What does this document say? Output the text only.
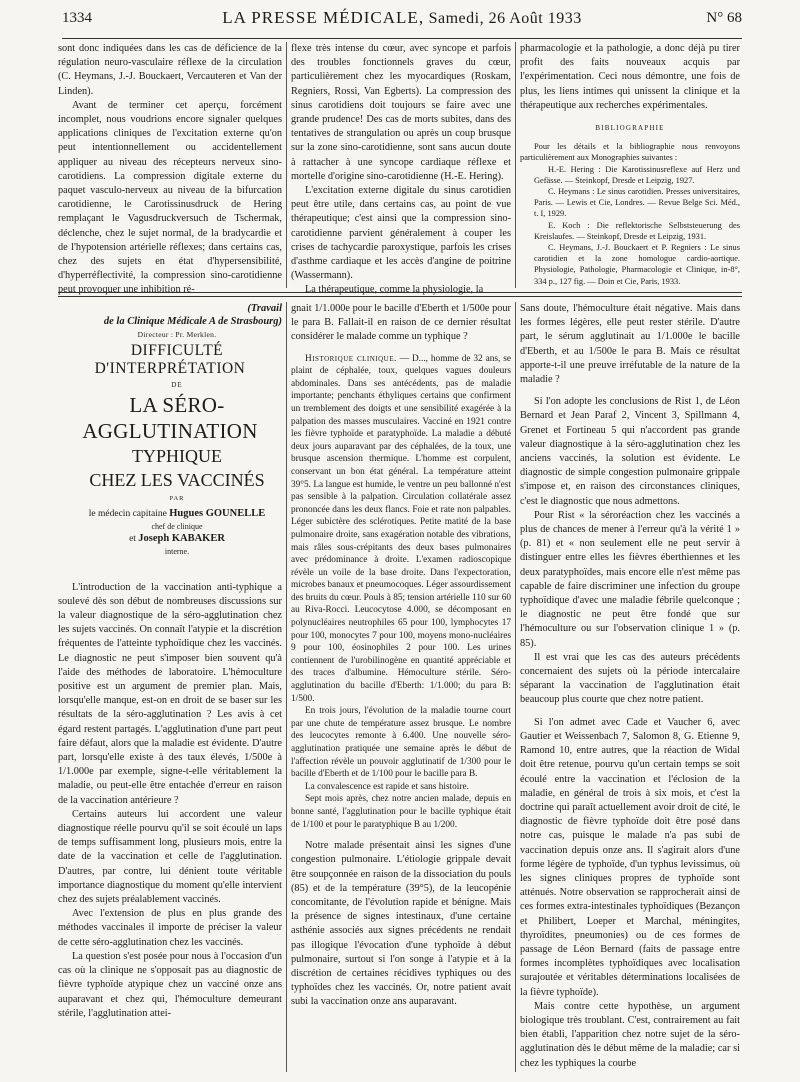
1334	LA PRESSE MÉDICALE, Samedi, 26 Août 1933	N° 68

sont donc indiquées dans les cas de déficience de la régulation neuro-vasculaire réflexe de la circulation (C. Heymans, J.-J. Bouckaert, Vercauteren et Van der Linden).

Avant de terminer cet aperçu, forcément incomplet, nous voudrions encore signaler quelques applications cliniques de l'excitation externe qu'on peut intentionnellement ou accidentellement appliquer au niveau des récepteurs nerveux sino-carotidiens. La compression digitale externe du paquet vasculo-nerveux au niveau de la bifurcation carotidienne, le Carotissinusdruck de Hering remplaçant le Vagusdruckversuch de Tschermak, déclenche, chez le sujet normal, de la bradycardie et de l'hypotension artérielle réflexes; dans certains cas, chez des sujets en état d'hypersensibilité, d'hyperréflectivité, la compression sino-carotidienne peut provoquer une inhibition ré-

flexe très intense du cœur, avec syncope et parfois des troubles fonctionnels graves du cœur, particulièrement chez les myocardiques (Roskam, Regniers, Rossi, Van Egberts). La compression des sinus carotidiens doit toujours se faire avec une grande prudence! Des cas de morts subites, dans des tentatives de strangulation ou après un coup brusque sur la zone sino-carotidienne, sont sans aucun doute à rattacher à une syncope cardiaque réflexe et mortelle d'origine sino-carotidienne (H.-E. Hering).

L'excitation externe digitale du sinus carotidien peut être utile, dans certains cas, au point de vue thérapeutique; c'est ainsi que la compression sino-carotidienne parvient généralement à couper les crises de tachycardie paroxystique, parfois les crises d'asthme cardiaque et les accès d'angine de poitrine (Wassermann).

La thérapeutique, comme la physiologie, la

pharmacologie et la pathologie, a donc déjà pu tirer profit des faits nouveaux acquis par l'expérimentation. Ceci nous démontre, une fois de plus, les liens intimes qui unissent la clinique et la thérapeutique aux recherches expérimentales.

BIBLIOGRAPHIE

Pour les détails et la bibliographie nous renvoyons particulièrement aux Monographies suivantes :

H.-E. Hering : Die Karotissinusreflexe auf Herz und Gefässe. — Steinkopf, Dresde et Leipzig, 1927.

C. Heymans : Le sinus carotidien. Presses universitaires, Paris. — Lewis et Cie, Londres. — Revue Belge Sci. Méd., t. I, 1929.

E. Koch : Die reflektorische Selbststeuerung des Kreislaufes. — Steinkopf, Dresde et Leipzig, 1931.

C. Heymans, J.-J. Bouckaert et P. Regniers : Le sinus carotidien et la zone homologue cardio-aortique. Physiologie, Pathologie, Pharmacologie et Clinique, in-8°, 334 p., 127 fig. — Doin et Cie, Paris, 1933.

(Travail

de la Clinique Médicale A de Strasbourg)

Directeur : Pr. Merklen.

DIFFICULTÉ D'INTERPRÉTATION

DE

LA SÉRO-AGGLUTINATION

TYPHIQUE

CHEZ LES VACCINÉS

PAR

le médecin capitaine Hugues GOUNELLE

chef de clinique

et Joseph KABAKER

interne.

L'introduction de la vaccination anti-typhique a soulevé dès son début de nombreuses discussions sur la valeur diagnostique de la séro-agglutination chez les sujets vaccinés. On connaît l'atypie et la discrétion fréquentes de l'atteinte typhoïdique chez les vaccinés. Le diagnostic ne peut s'imposer bien souvent qu'à l'aide des méthodes de laboratoire. L'hémoculture positive est un argument de premier plan. Mais, lorsqu'elle manque, est-on en droit de se baser sur les résultats de la séro-agglutination ? Les avis à cet égard restent partagés. L'agglutination d'une part peut faire défaut, alors que la maladie est évidente. D'autre part, lorsqu'elle existe à des taux élevés, 1/500e à 1/1.000e par exemple, signe-t-elle véritablement la maladie, ou peut-elle être entachée d'erreur en raison de la vaccination antérieure ?

Certains auteurs lui accordent une valeur diagnostique réelle pourvu qu'il se soit écoulé un laps de temps suffisamment long, plusieurs mois, entre la date de la vaccination et celle de l'agglutination. D'autres, par contre, lui dénient toute véritable importance diagnostique du moment qu'elle intervient chez des sujets préalablement vaccinés.

Avec l'extension de plus en plus grande des méthodes vaccinales il importe de préciser la valeur de cette séro-agglutination chez les vaccinés.

La question s'est posée pour nous à l'occasion d'un cas où la clinique ne s'opposait pas au diagnostic de fièvre typhoïde atypique chez un vacciné onze ans auparavant et chez qui, l'hémoculture demeurant stérile, l'agglutination attei-

gnait 1/1.000e pour le bacille d'Eberth et 1/500e pour le para B. Fallait-il en raison de ce dernier résultat considérer le malade comme un typhique ?

Historique clinique. — D..., homme de 32 ans, se plaint de céphalée, toux, quelques vagues douleurs abdominales. Dans ses antécédents, pas de maladie importante; penchants éthyliques certains que confirment un tremblement des doigts et une sensibilité exagérée à la palpation des masses musculaires. Vacciné en 1921 contre les fièvre typhoïde et paratyphoïde. La maladie a débuté deux jours auparavant par des céphalées, de la toux, une brusque ascension thermique. L'homme est corpulent, conservant un bon état général. La température atteint 39°5. La langue est humide, le ventre un peu ballonné n'est pas sensible à la palpation. Circulation collatérale assez prononcée dans les deux flancs. Foie et rate non palpables. Léger subictère des sclérotiques. Petite matité de la base pulmonaire droite, sans exagération notable des vibrations, mais râles sous-crépitants des deux bases pulmonaires avec prédominance à droite. L'examen radioscopique révèle un voile de la base droite. Dans l'expectoration, microbes banaux et pneumocoques. Léger assourdissement des bruits du cœur. Pouls à 85; tension artérielle 110 sur 60 au Riva-Rocci. Leucocytose 4.000, se décomposant en polynucléaires neutrophiles 65 pour 100, lymphocytes 17 pour 100, monocytes 7 pour 100, moyens mono-nucléaires 9 pour 100, éosinophiles 2 pour 100. Les urines contiennent de l'urobilinogène en quantité appréciable et des traces d'albumine. Hémoculture stérile. Séro-agglutination du bacille d'Eberth: 1/1.000; du para B: 1/500.

En trois jours, l'évolution de la maladie tourne court par une chute de température assez brusque. Le nombre des leucocytes remonte à 6.400. Une nouvelle séro-agglutination pratiquée une semaine après le début de l'affection révèle un pouvoir agglutinatif de 1/300 pour le bacille d'Eberth et de 1/100 pour le bacille para B.

La convalescence est rapide et sans histoire.

Sept mois après, chez notre ancien malade, depuis en bonne santé, l'agglutination pour le bacille typhique était de 1/100 et pour le paratyphique B au 1/200.

Notre malade présentait ainsi les signes d'une congestion pulmonaire. L'étiologie grippale devait être soupçonnée en raison de la dissociation du pouls (85) et de la température (39°5), de la leucopénie concomitante, de l'évolution rapide et bénigne. Mais la présence de signes intestinaux, d'une certaine asthénie associés aux signes précédents ne rendait pas illogique l'évocation d'une typhoïde à début pulmonaire, surtout si l'on songe à l'atypie et à la discrétion de certaines récidives typhiques ou des typhoïdes chez les vaccinés. Or, notre patient avait subi la vaccination onze ans auparavant.

Sans doute, l'hémoculture était négative. Mais dans les formes légères, elle peut rester stérile. D'autre part, le sérum agglutinait au 1/1.000e le bacille d'Eberth, et au 1/500e le para B. Mais ce résultat apporte-t-il une preuve irréfutable de la nature de la maladie ?

Si l'on adopte les conclusions de Rist 1, de Léon Bernard et Jean Paraf 2, Vincent 3, Spillmann 4, Grenet et Fortineau 5 qui n'accordent pas grande valeur diagnostique à la séro-agglutination chez les anciens vaccinés, la solution est évidente. Le diagnostic de simple congestion pulmonaire grippale s'impose et, en raison des circonstances cliniques, c'est le diagnostic que nous admettons.

Pour Rist « la séroréaction chez les vaccinés a plus de chances de mener à l'erreur qu'à la vérité 1 » (p. 81) et « non seulement elle ne peut servir à distinguer entre elles les fièvres éberthiennes et les deux paratyphoïdes, mais encore elle n'est même pas capable de faire discriminer une infection du groupe typhoïdique d'avec une maladie fébrile quelconque ; le diagnostic ne peut être fondé que sur l'hémoculture ou sur l'observation clinique 1 » (p. 85).

Il est vrai que les cas des auteurs précédents concernaient des sujets où la période intercalaire séparant la vaccination de l'agglutination était beaucoup plus courte que chez notre patient.

Si l'on admet avec Cade et Vaucher 6, avec Gautier et Weissenbach 7, Salomon 8, G. Etienne 9, Ramond 10, entre autres, que la réaction de Widal doit être retenue, pourvu qu'un certain temps se soit écoulé entre la vaccination et l'éclosion de la maladie, en général de trois à six mois, et c'est la doctrine qui paraît actuellement avoir droit de cité, le diagnostic de fièvre typhoïde doit être posé dans notre cas, puisque le malade n'a pas subi de vaccination depuis onze ans. Il s'agirait alors d'une forme légère de typhoïde, d'un typhus levissimus, où les signes cliniques propres de typhoïde sont atténués. Notre observation se rapprocherait ainsi de ces formes extra-intestinales typhoïdiques (Bezançon et Philibert, Loeper et Marchal, méningites, thyroïdites, pneumonies) ou de ces formes de passage de Léon Bernard (faits de passage entre formes incomplètes typhoïdiques avec localisation surajoutée et véritables déterminations localisées de la fièvre typhoïde).

Mais contre cette hypothèse, un argument biologique très troublant. C'est, contrairement au fait bien établi, l'apparition chez notre sujet de la séro-agglutination dès le début même de la maladie; car si chez les typhiques la courbe
